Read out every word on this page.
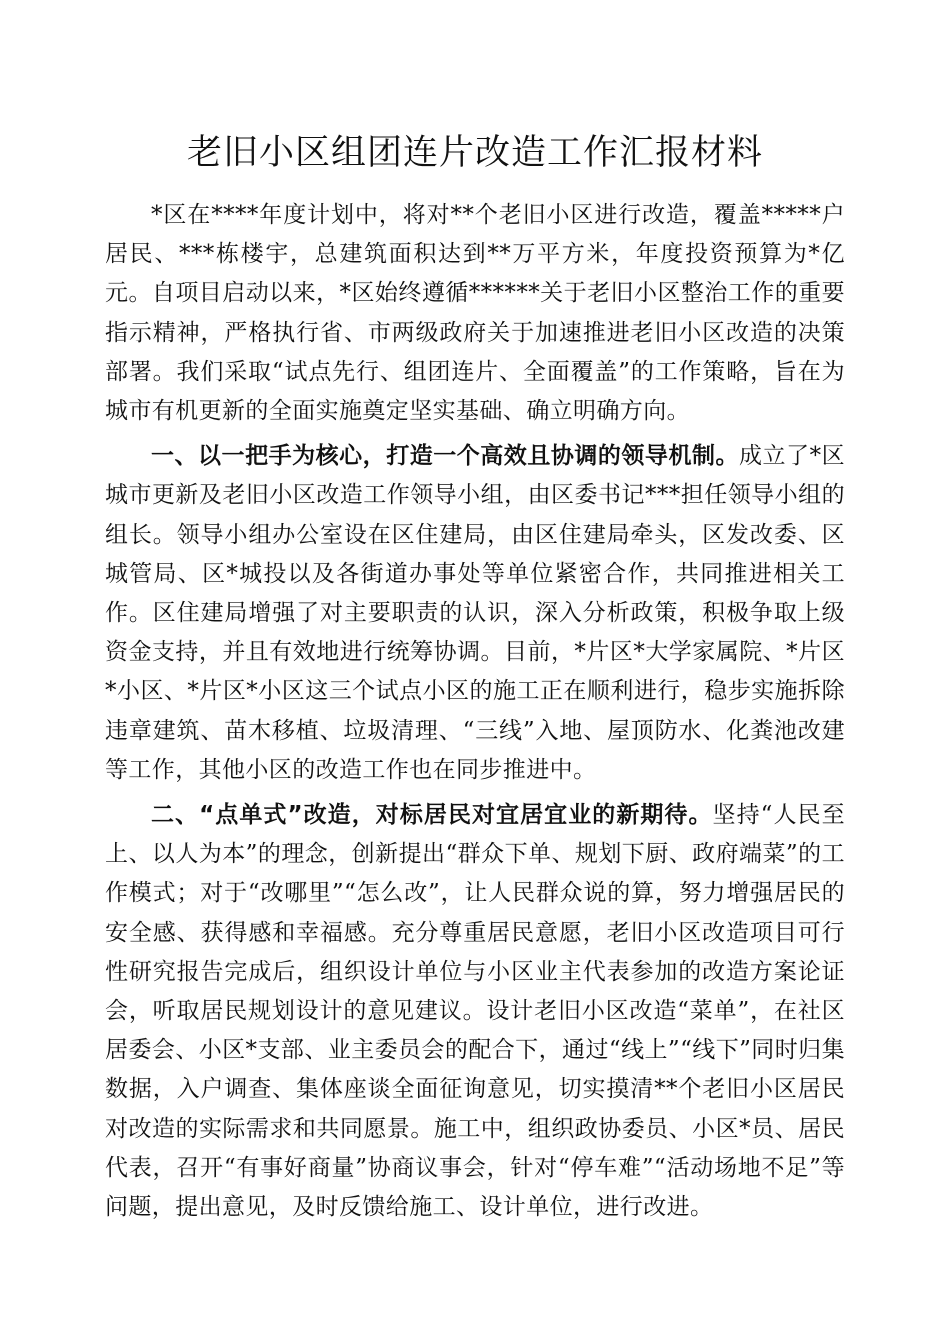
老旧小区组团连片改造工作汇报材料

*区在****年度计划中，将对**个老旧小区进行改造，覆盖*****户居民、***栋楼宇，总建筑面积达到**万平方米，年度投资预算为*亿元。自项目启动以来，*区始终遵循******关于老旧小区整治工作的重要指示精神，严格执行省、市两级政府关于加速推进老旧小区改造的决策部署。我们采取“试点先行、组团连片、全面覆盖”的工作策略，旨在为城市有机更新的全面实施奠定坚实基础、确立明确方向。

一、以一把手为核心，打造一个高效且协调的领导机制。成立了*区城市更新及老旧小区改造工作领导小组，由区委书记***担任领导小组的组长。领导小组办公室设在区住建局，由区住建局牵头，区发改委、区城管局、区*城投以及各街道办事处等单位紧密合作，共同推进相关工作。区住建局增强了对主要职责的认识，深入分析政策，积极争取上级资金支持，并且有效地进行统筹协调。目前，*片区*大学家属院、*片区*小区、*片区*小区这三个试点小区的施工正在顺利进行，稳步实施拆除违章建筑、苗木移植、垃圾清理、“三线”入地、屋顶防水、化粪池改建等工作，其他小区的改造工作也在同步推进中。

二、“点单式”改造，对标居民对宜居宜业的新期待。坚持“人民至上、以人为本”的理念，创新提出“群众下单、规划下厨、政府端菜”的工作模式；对于“改哪里”“怎么改”，让人民群众说的算，努力增强居民的安全感、获得感和幸福感。充分尊重居民意愿，老旧小区改造项目可行性研究报告完成后，组织设计单位与小区业主代表参加的改造方案论证会，听取居民规划设计的意见建议。设计老旧小区改造“菜单”，在社区居委会、小区*支部、业主委员会的配合下，通过“线上”“线下”同时归集数据，入户调查、集体座谈全面征询意见，切实摸清**个老旧小区居民对改造的实际需求和共同愿景。施工中，组织政协委员、小区*员、居民代表，召开“有事好商量”协商议事会，针对“停车难”“活动场地不足”等问题，提出意见，及时反馈给施工、设计单位，进行改进。
